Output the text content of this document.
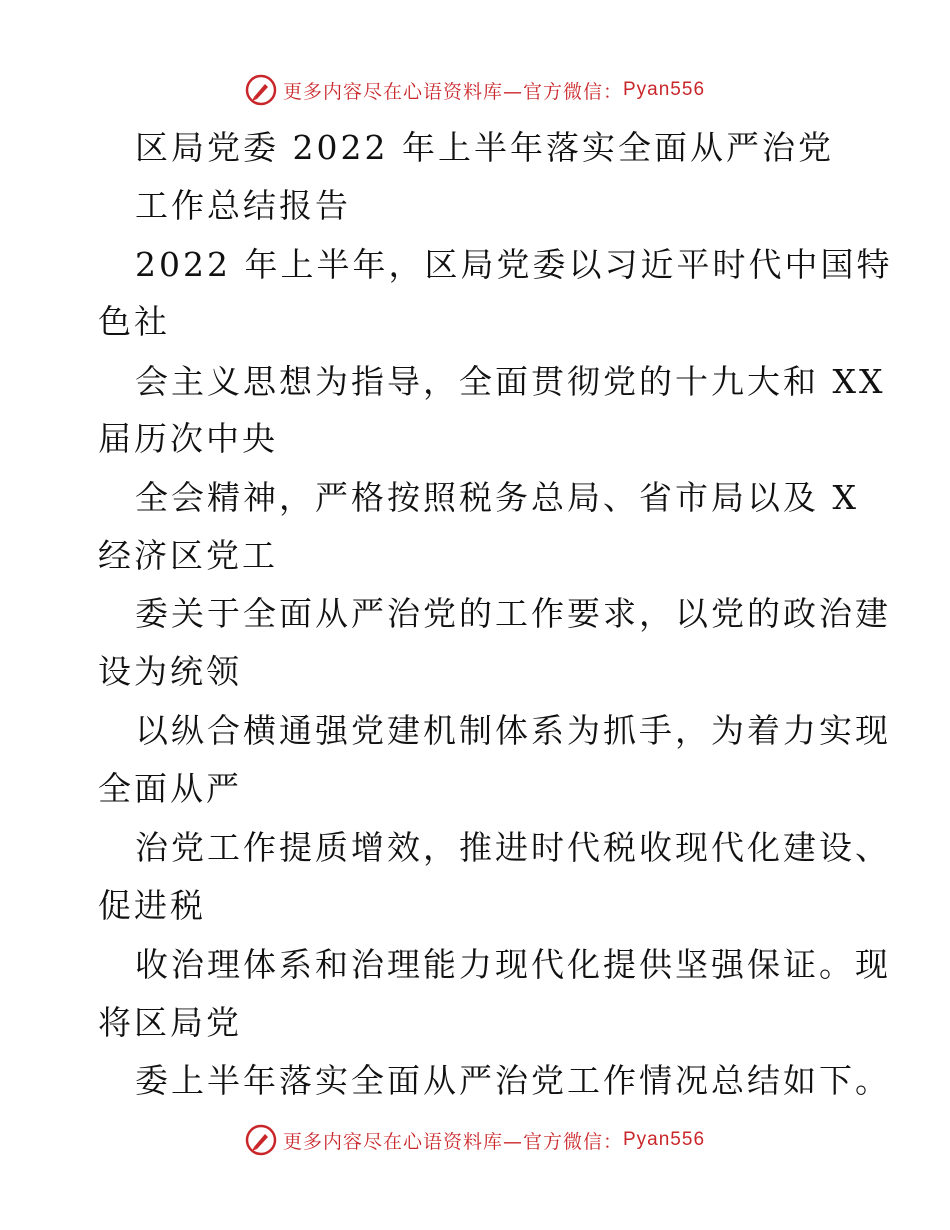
更多内容尽在心语资料库—官方微信： Pyan556
区局党委 2022 年上半年落实全面从严治党
工作总结报告
2022 年上半年，区局党委以习近平时代中国特
色社
会主义思想为指导，全面贯彻党的十九大和 XX
届历次中央
全会精神，严格按照税务总局、省市局以及 X
经济区党工
委关于全面从严治党的工作要求，以党的政治建
设为统领
以纵合横通强党建机制体系为抓手，为着力实现
全面从严
治党工作提质增效，推进时代税收现代化建设、
促进税
收治理体系和治理能力现代化提供坚强保证。现
将区局党
委上半年落实全面从严治党工作情况总结如下。
更多内容尽在心语资料库—官方微信： Pyan556
